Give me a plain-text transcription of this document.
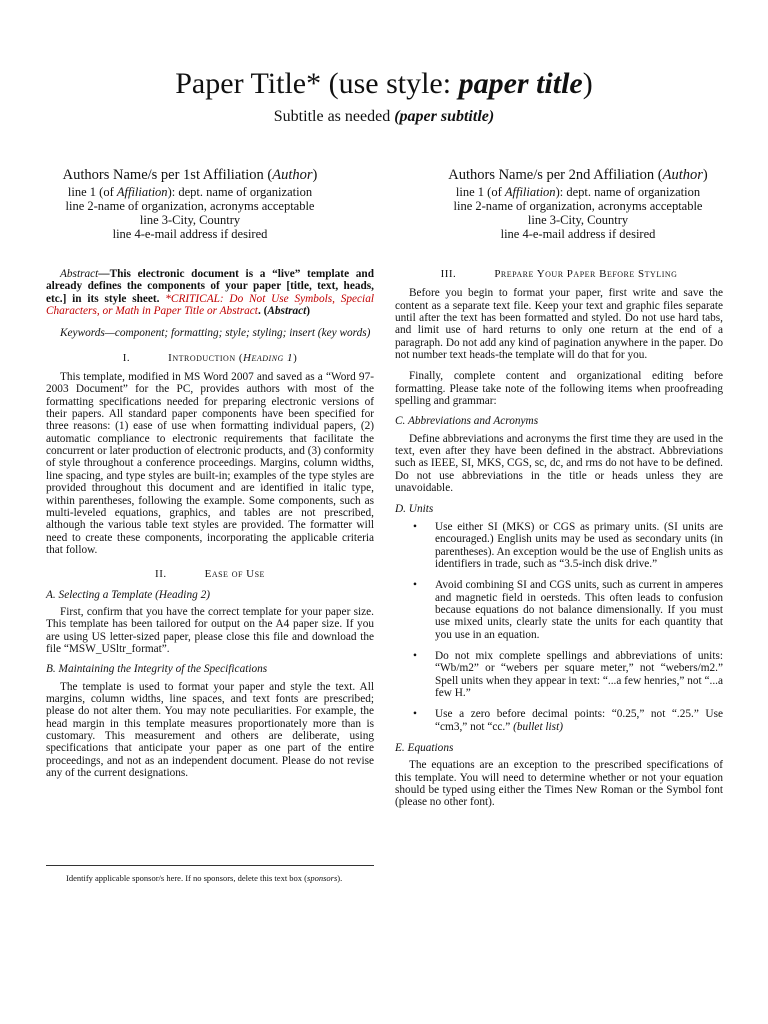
Paper Title* (use style: paper title)
Subtitle as needed (paper subtitle)
Authors Name/s per 1st Affiliation (Author)
line 1 (of Affiliation): dept. name of organization
line 2-name of organization, acronyms acceptable
line 3-City, Country
line 4-e-mail address if desired
Authors Name/s per 2nd Affiliation (Author)
line 1 (of Affiliation): dept. name of organization
line 2-name of organization, acronyms acceptable
line 3-City, Country
line 4-e-mail address if desired

Abstract—This electronic document is a “live” template and already defines the components of your paper [title, text, heads, etc.] in its style sheet. *CRITICAL: Do Not Use Symbols, Special Characters, or Math in Paper Title or Abstract. (Abstract)

Keywords—component; formatting; style; styling; insert (key words)

I.	Introduction (Heading 1)

This template, modified in MS Word 2007 and saved as a “Word 97-2003 Document” for the PC, provides authors with most of the formatting specifications needed for preparing electronic versions of their papers. All standard paper components have been specified for three reasons: (1) ease of use when formatting individual papers, (2) automatic compliance to electronic requirements that facilitate the concurrent or later production of electronic products, and (3) conformity of style throughout a conference proceedings. Margins, column widths, line spacing, and type styles are built-in; examples of the type styles are provided throughout this document and are identified in italic type, within parentheses, following the example. Some components, such as multi-leveled equations, graphics, and tables are not prescribed, although the various table text styles are provided. The formatter will need to create these components, incorporating the applicable criteria that follow.

II.	Ease of Use
A. Selecting a Template (Heading 2)

First, confirm that you have the correct template for your paper size. This template has been tailored for output on the A4 paper size. If you are using US letter-sized paper, please close this file and download the file “MSW_USltr_format”.

B. Maintaining the Integrity of the Specifications

The template is used to format your paper and style the text. All margins, column widths, line spaces, and text fonts are prescribed; please do not alter them. You may note peculiarities. For example, the head margin in this template measures proportionately more than is customary. This measurement and others are deliberate, using specifications that anticipate your paper as one part of the entire proceedings, and not as an independent document. Please do not revise any of the current designations.

III.	Prepare Your Paper Before Styling

Before you begin to format your paper, first write and save the content as a separate text file. Keep your text and graphic files separate until after the text has been formatted and styled. Do not use hard tabs, and limit use of hard returns to only one return at the end of a paragraph. Do not add any kind of pagination anywhere in the paper. Do not number text heads-the template will do that for you.

Finally, complete content and organizational editing before formatting. Please take note of the following items when proofreading spelling and grammar:

C. Abbreviations and Acronyms

Define abbreviations and acronyms the first time they are used in the text, even after they have been defined in the abstract. Abbreviations such as IEEE, SI, MKS, CGS, sc, dc, and rms do not have to be defined. Do not use abbreviations in the title or heads unless they are unavoidable.

D. Units
• Use either SI (MKS) or CGS as primary units. (SI units are encouraged.) English units may be used as secondary units (in parentheses). An exception would be the use of English units as identifiers in trade, such as “3.5-inch disk drive.”
• Avoid combining SI and CGS units, such as current in amperes and magnetic field in oersteds. This often leads to confusion because equations do not balance dimensionally. If you must use mixed units, clearly state the units for each quantity that you use in an equation.
• Do not mix complete spellings and abbreviations of units: “Wb/m2” or “webers per square meter,” not “webers/m2.” Spell units when they appear in text: “...a few henries,” not “...a few H.”
• Use a zero before decimal points: “0.25,” not “.25.” Use “cm3,” not “cc.” (bullet list)
E. Equations

The equations are an exception to the prescribed specifications of this template. You will need to determine whether or not your equation should be typed using either the Times New Roman or the Symbol font (please no other font).

Identify applicable sponsor/s here. If no sponsors, delete this text box (sponsors).
